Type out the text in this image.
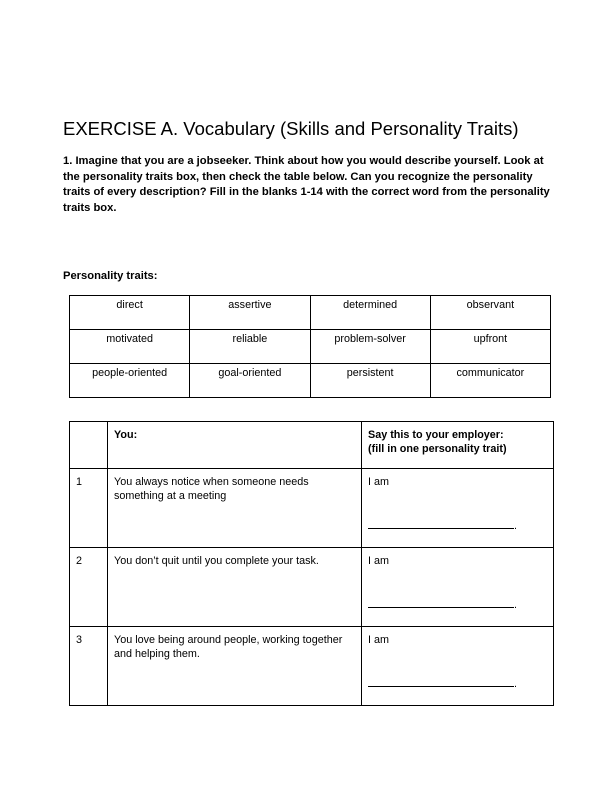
EXERCISE A. Vocabulary (Skills and Personality Traits)

1. Imagine that you are a jobseeker. Think about how you would describe yourself. Look at the personality traits box, then check the table below. Can you recognize the personality traits of every description? Fill in the blanks 1-14 with the correct word from the personality traits box.

Personality traits:

direct	assertive	determined	observant
motivated	reliable	problem-solver	upfront
people-oriented	goal-oriented	persistent	communicator
	You:	Say this to your employer:
(fill in one personality trait)
1	You always notice when someone needs something at a meeting	I am
.

2	You don’t quit until you complete your task.	I am
.

3	You love being around people, working together and helping them.	I am
.
